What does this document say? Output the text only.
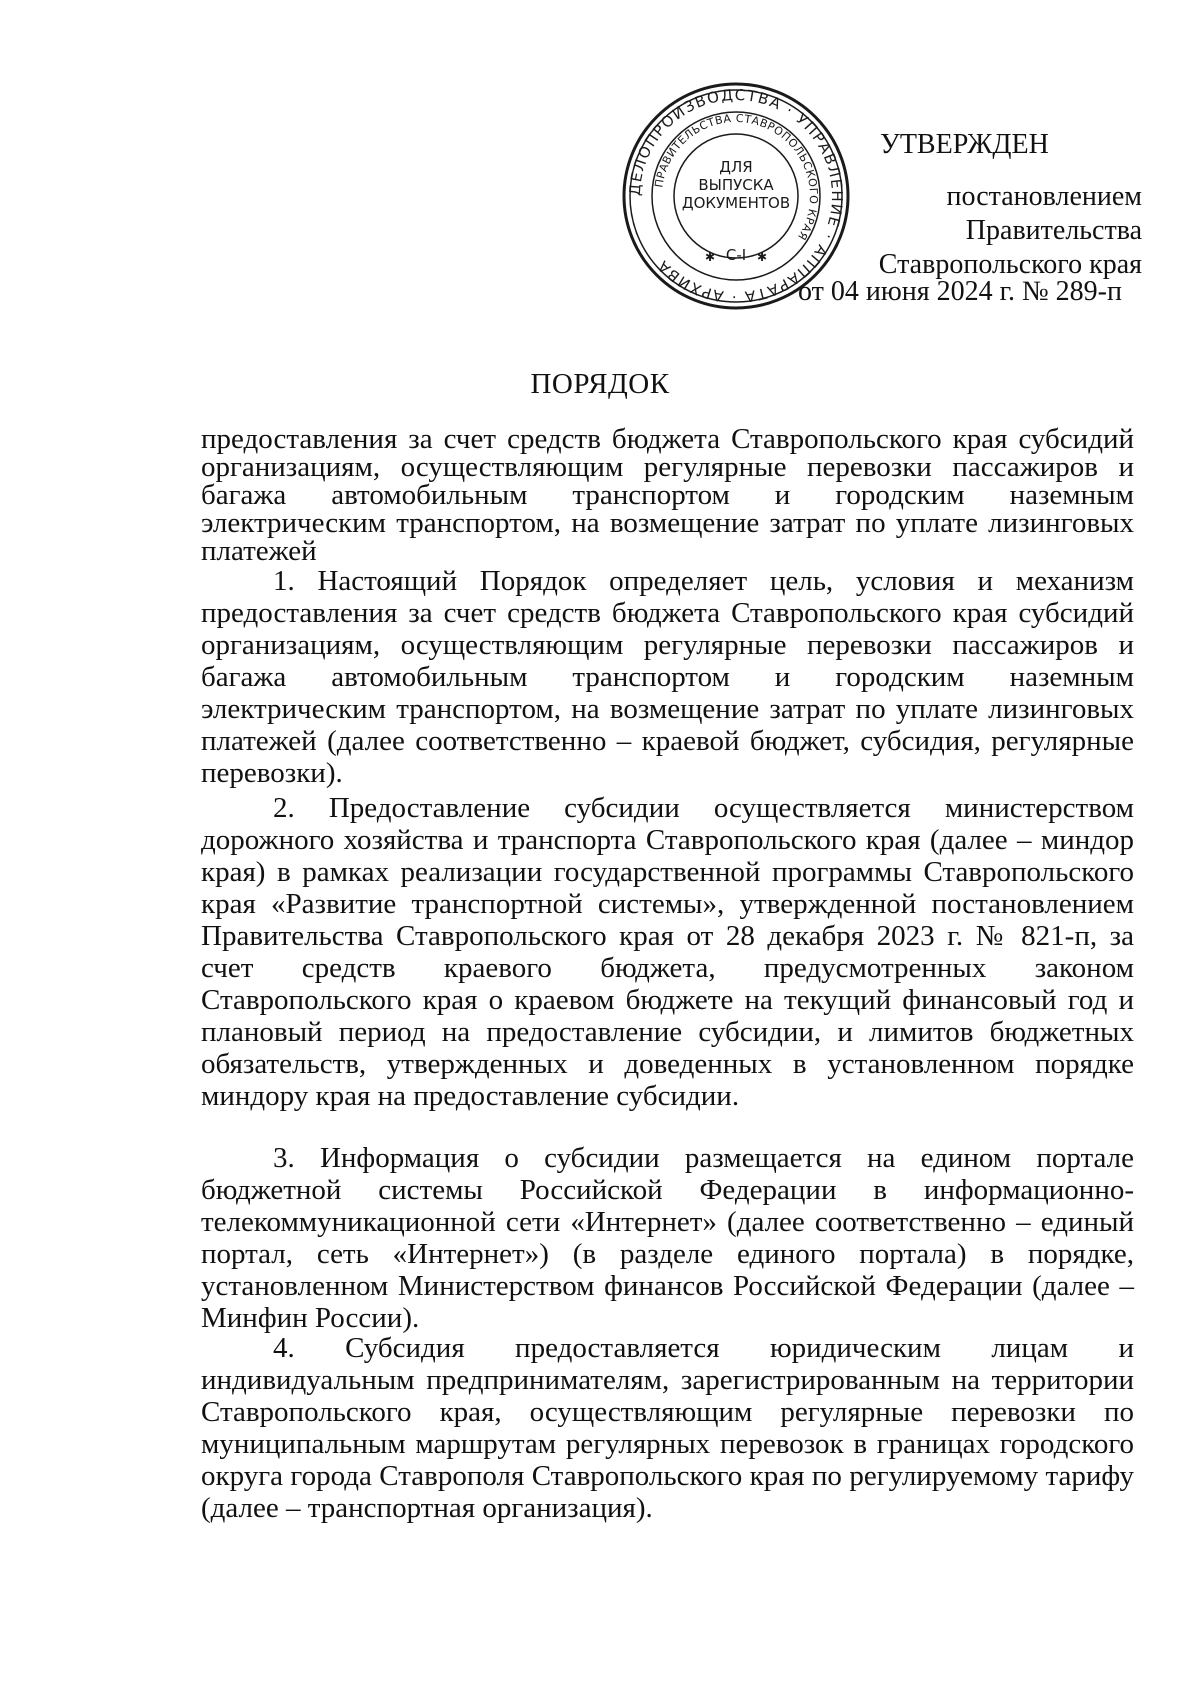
УТВЕРЖДЕН
постановлением Правительства Ставропольского края
от 04 июня 2024 г. № 289-п
ДЕЛОПРОИЗВОДСТВА · УПРАВЛЕНИЕ · АППАРАТА · АРХИВА
ПРАВИТЕЛЬСТВА СТАВРОПОЛЬСКОГО КРАЯ
ДЛЯ ВЫПУСКА ДОКУМЕНТОВ
С-I
✱	✱
ПОРЯДОК
предоставления за счет средств бюджета Ставропольского края субсидий организациям, осуществляющим регулярные перевозки пассажиров и багажа автомобильным транспортом и городским наземным электрическим транспортом, на возмещение затрат по уплате лизинговых платежей

1. Настоящий Порядок определяет цель, условия и механизм предоставления за счет средств бюджета Ставропольского края субсидий организациям, осуществляющим регулярные перевозки пассажиров и багажа автомобильным транспортом и городским наземным электрическим транспортом, на возмещение затрат по уплате лизинговых платежей (далее соответственно – краевой бюджет, субсидия, регулярные перевозки).

2. Предоставление субсидии осуществляется министерством дорожного хозяйства и транспорта Ставропольского края (далее – миндор края) в рамках реализации государственной программы Ставропольского края «Развитие транспортной системы», утвержденной постановлением Правительства Ставропольского края от 28 декабря 2023 г. № 821-п, за счет средств краевого бюджета, предусмотренных законом Ставропольского края о краевом бюджете на текущий финансовый год и плановый период на предоставление субсидии, и лимитов бюджетных обязательств, утвержденных и доведенных в установленном порядке миндору края на предоставление субсидии.

3. Информация о субсидии размещается на едином портале бюджетной системы Российской Федерации в информационно-телекоммуникационной сети «Интернет» (далее соответственно – единый портал, сеть «Интернет») (в разделе единого портала) в порядке, установленном Министерством финансов Российской Федерации (далее – Минфин России).

4. Субсидия предоставляется юридическим лицам и индивидуальным предпринимателям, зарегистрированным на территории Ставропольского края, осуществляющим регулярные перевозки по муниципальным маршрутам регулярных перевозок в границах городского округа города Ставрополя Ставропольского края по регулируемому тарифу (далее – транспортная организация).
